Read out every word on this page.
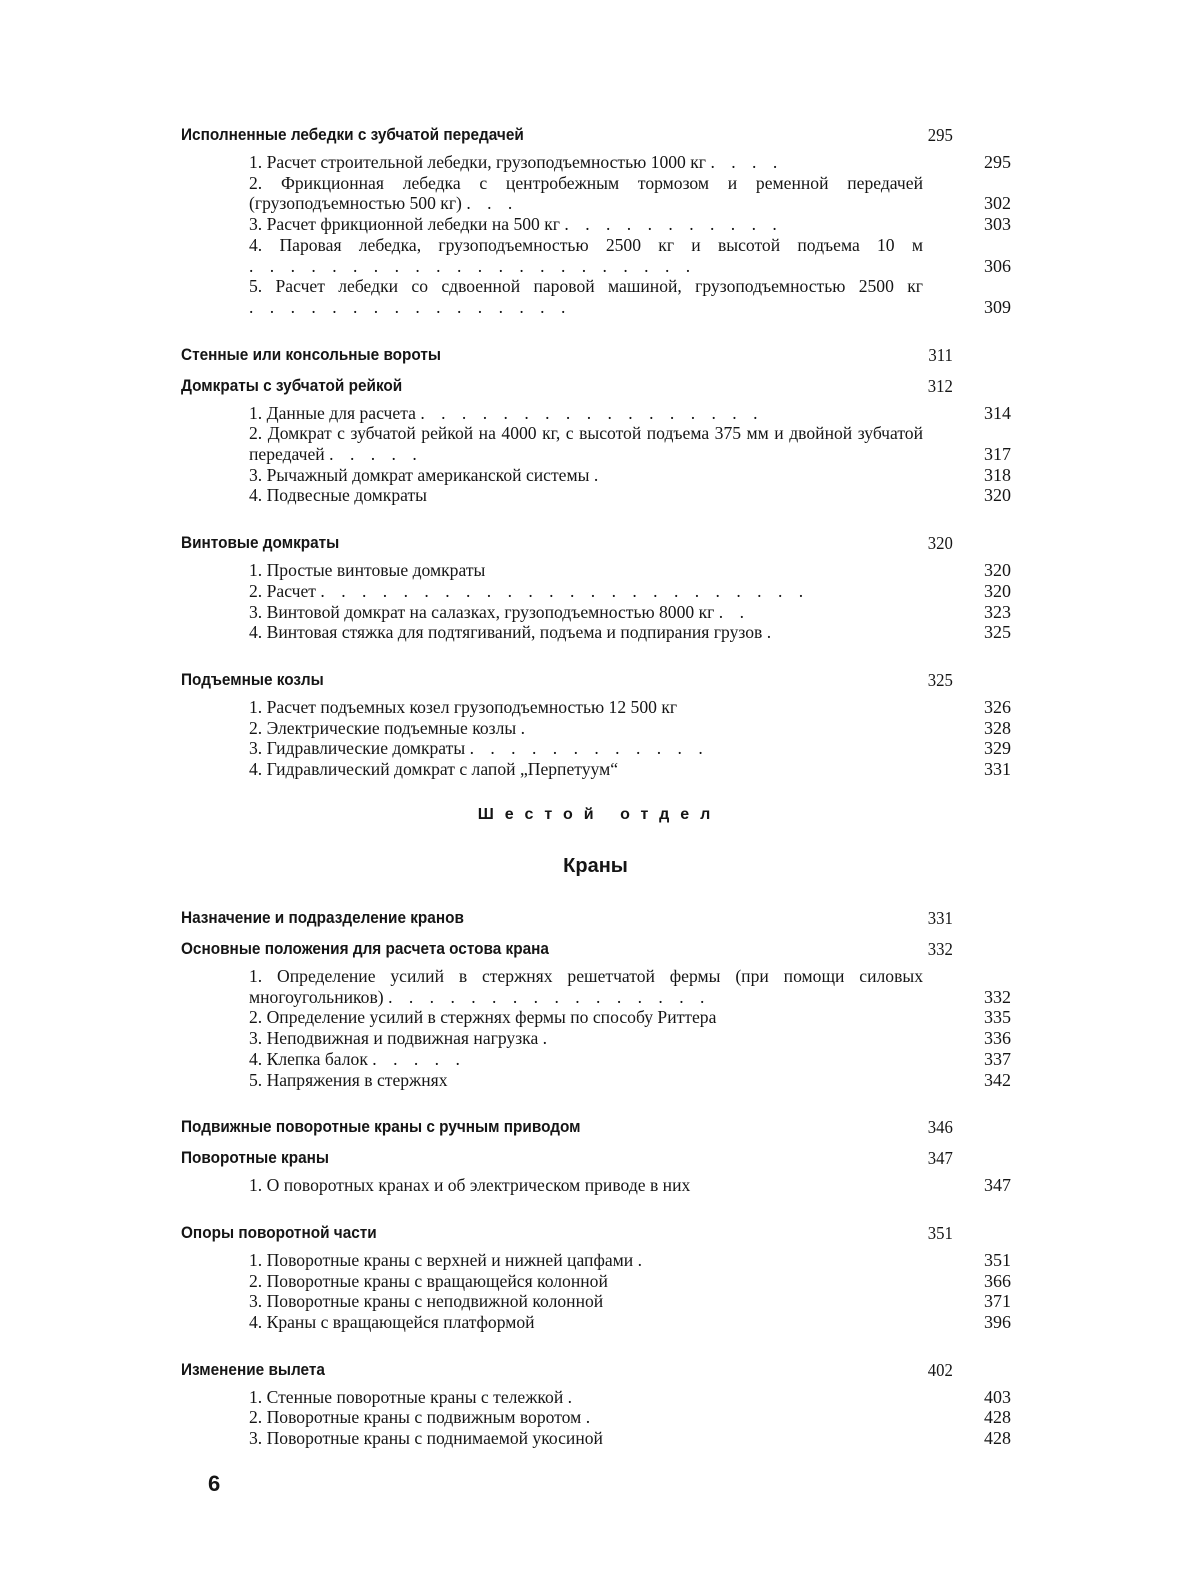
Исполненные лебедки с зубчатой передачей	295
1. Расчет строительной лебедки, грузоподъемностью 1000 кг . . . .	295
2. Фрикционная лебедка с центробежным тормозом и ременной передачей (грузоподъемностью 500 кг) . . .	302
3. Расчет фрикционной лебедки на 500 кг . . . . . . . . . . .	303
4. Паровая лебедка, грузоподъемностью 2500 кг и высотой подъема 10 м . . . . . . . . . . . . . . . . . . . . . .	306
5. Расчет лебедки со сдвоенной паровой машиной, грузоподъемностью 2500 кг . . . . . . . . . . . . . . . .	309
Стенные или консольные вороты	311
Домкраты с зубчатой рейкой	312
1. Данные для расчета . . . . . . . . . . . . . . . . .	314
2. Домкрат с зубчатой рейкой на 4000 кг, с высотой подъема 375 мм и двойной зубчатой передачей . . . . .	317
3. Рычажный домкрат американской системы .	318
4. Подвесные домкраты	320
Винтовые домкраты	320
1. Простые винтовые домкраты	320
2. Расчет . . . . . . . . . . . . . . . . . . . . . . . .	320
3. Винтовой домкрат на салазках, грузоподъемностью 8000 кг . .	323
4. Винтовая стяжка для подтягиваний, подъема и подпирания грузов .	325
Подъемные козлы	325
1. Расчет подъемных козел грузоподъемностью 12 500 кг	326
2. Электрические подъемные козлы .	328
3. Гидравлические домкраты . . . . . . . . . . . .	329
4. Гидравлический домкрат с лапой „Перпетуум“	331
Шестой отдел
Краны
Назначение и подразделение кранов	331
Основные положения для расчета остова крана	332
1. Определение усилий в стержнях решетчатой фермы (при помощи силовых многоугольников) . . . . . . . . . . . . . . . .	332
2. Определение усилий в стержнях фермы по способу Риттера	335
3. Неподвижная и подвижная нагрузка .	336
4. Клепка балок . . . . .	337
5. Напряжения в стержнях	342
Подвижные поворотные краны с ручным приводом	346
Поворотные краны	347
1. О поворотных кранах и об электрическом приводе в них	347
Опоры поворотной части	351
1. Поворотные краны с верхней и нижней цапфами .	351
2. Поворотные краны с вращающейся колонной	366
3. Поворотные краны с неподвижной колонной	371
4. Краны с вращающейся платформой	396
Изменение вылета	402
1. Стенные поворотные краны с тележкой .	403
2. Поворотные краны с подвижным воротом .	428
3. Поворотные краны с поднимаемой укосиной	428
6
